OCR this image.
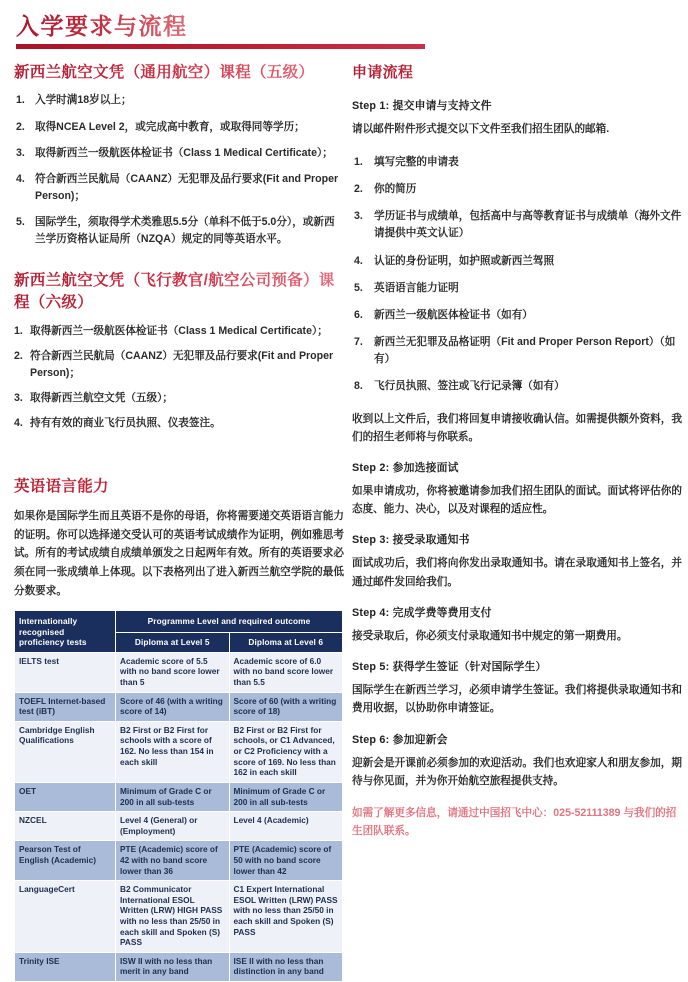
入学要求与流程
新西兰航空文凭（通用航空）课程（五级）
入学时满18岁以上；
取得NCEA Level 2，或完成高中教育，或取得同等学历；
取得新西兰一级航医体检证书（Class 1 Medical Certificate）；
符合新西兰民航局（CAANZ）无犯罪及品行要求(Fit and Proper Person)；
国际学生，须取得学术类雅思5.5分（单科不低于5.0分），或新西兰学历资格认证局所（NZQA）规定的同等英语水平。
新西兰航空文凭（飞行教官/航空公司预备）课程（六级）
取得新西兰一级航医体检证书（Class 1 Medical Certificate）；
符合新西兰民航局（CAANZ）无犯罪及品行要求(Fit and Proper Person)；
取得新西兰航空文凭（五级）；
持有有效的商业飞行员执照、仪表签注。
英语语言能力

如果你是国际学生而且英语不是你的母语，你将需要递交英语语言能力的证明。你可以选择递交受认可的英语考试成绩作为证明，例如雅思考试。所有的考试成绩自成绩单颁发之日起两年有效。所有的英语要求必须在同一张成绩单上体现。以下表格列出了进入新西兰航空学院的最低分数要求。

Internationally recognised proficiency tests	Programme Level and required outcome	
	Diploma at Level 5	Diploma at Level 6
IELTS test	Academic score of 5.5 with no band score lower than 5	Academic score of 6.0 with no band score lower than 5.5
TOEFL Internet-based test (iBT)	Score of 46 (with a writing score of 14)	Score of 60 (with a writing score of 18)
Cambridge English Qualifications	B2 First or B2 First for schools with a score of 162. No less than 154 in each skill	B2 First or B2 First for schools, or C1 Advanced, or C2 Proficiency with a score of 169. No less than 162 in each skill
OET	Minimum of Grade C or 200 in all sub-tests	Minimum of Grade C or 200 in all sub-tests
NZCEL	Level 4 (General) or (Employment)	Level 4 (Academic)
Pearson Test of English (Academic)	PTE (Academic) score of 42 with no band score lower than 36	PTE (Academic) score of 50 with no band score lower than 42
LanguageCert	B2 Communicator International ESOL Written (LRW) HIGH PASS with no less than 25/50 in each skill and Spoken (S) PASS	C1 Expert International ESOL Written (LRW) PASS with no less than 25/50 in each skill and Spoken (S) PASS
Trinity ISE	ISW II with no less than merit in any band	ISE II with no less than distinction in any band
申请流程
Step 1: 提交申请与支持文件

请以邮件附件形式提交以下文件至我们招生团队的邮箱.

填写完整的申请表
你的简历
学历证书与成绩单，包括高中与高等教育证书与成绩单（海外文件请提供中英文认证）
认证的身份证明，如护照或新西兰驾照
英语语言能力证明
新西兰一级航医体检证书（如有）
新西兰无犯罪及品格证明（Fit and Proper Person Report）（如有）
飞行员执照、签注或飞行记录簿（如有）

收到以上文件后，我们将回复申请接收确认信。如需提供额外资料，我们的招生老师将与你联系。

Step 2: 参加选接面试

如果申请成功，你将被邀请参加我们招生团队的面试。面试将评估你的态度、能力、决心，以及对课程的适应性。

Step 3: 接受录取通知书

面试成功后，我们将向你发出录取通知书。请在录取通知书上签名，并通过邮件发回给我们。

Step 4: 完成学费等费用支付

接受录取后，你必须支付录取通知书中规定的第一期费用。

Step 5: 获得学生签证（针对国际学生）

国际学生在新西兰学习，必须申请学生签证。我们将提供录取通知书和费用收据，以协助你申请签证。

Step 6: 参加迎新会

迎新会是开课前必须参加的欢迎活动。我们也欢迎家人和朋友参加，期待与你见面，并为你开始航空旅程提供支持。

如需了解更多信息，请通过中国招飞中心：025-52111389 与我们的招生团队联系。
